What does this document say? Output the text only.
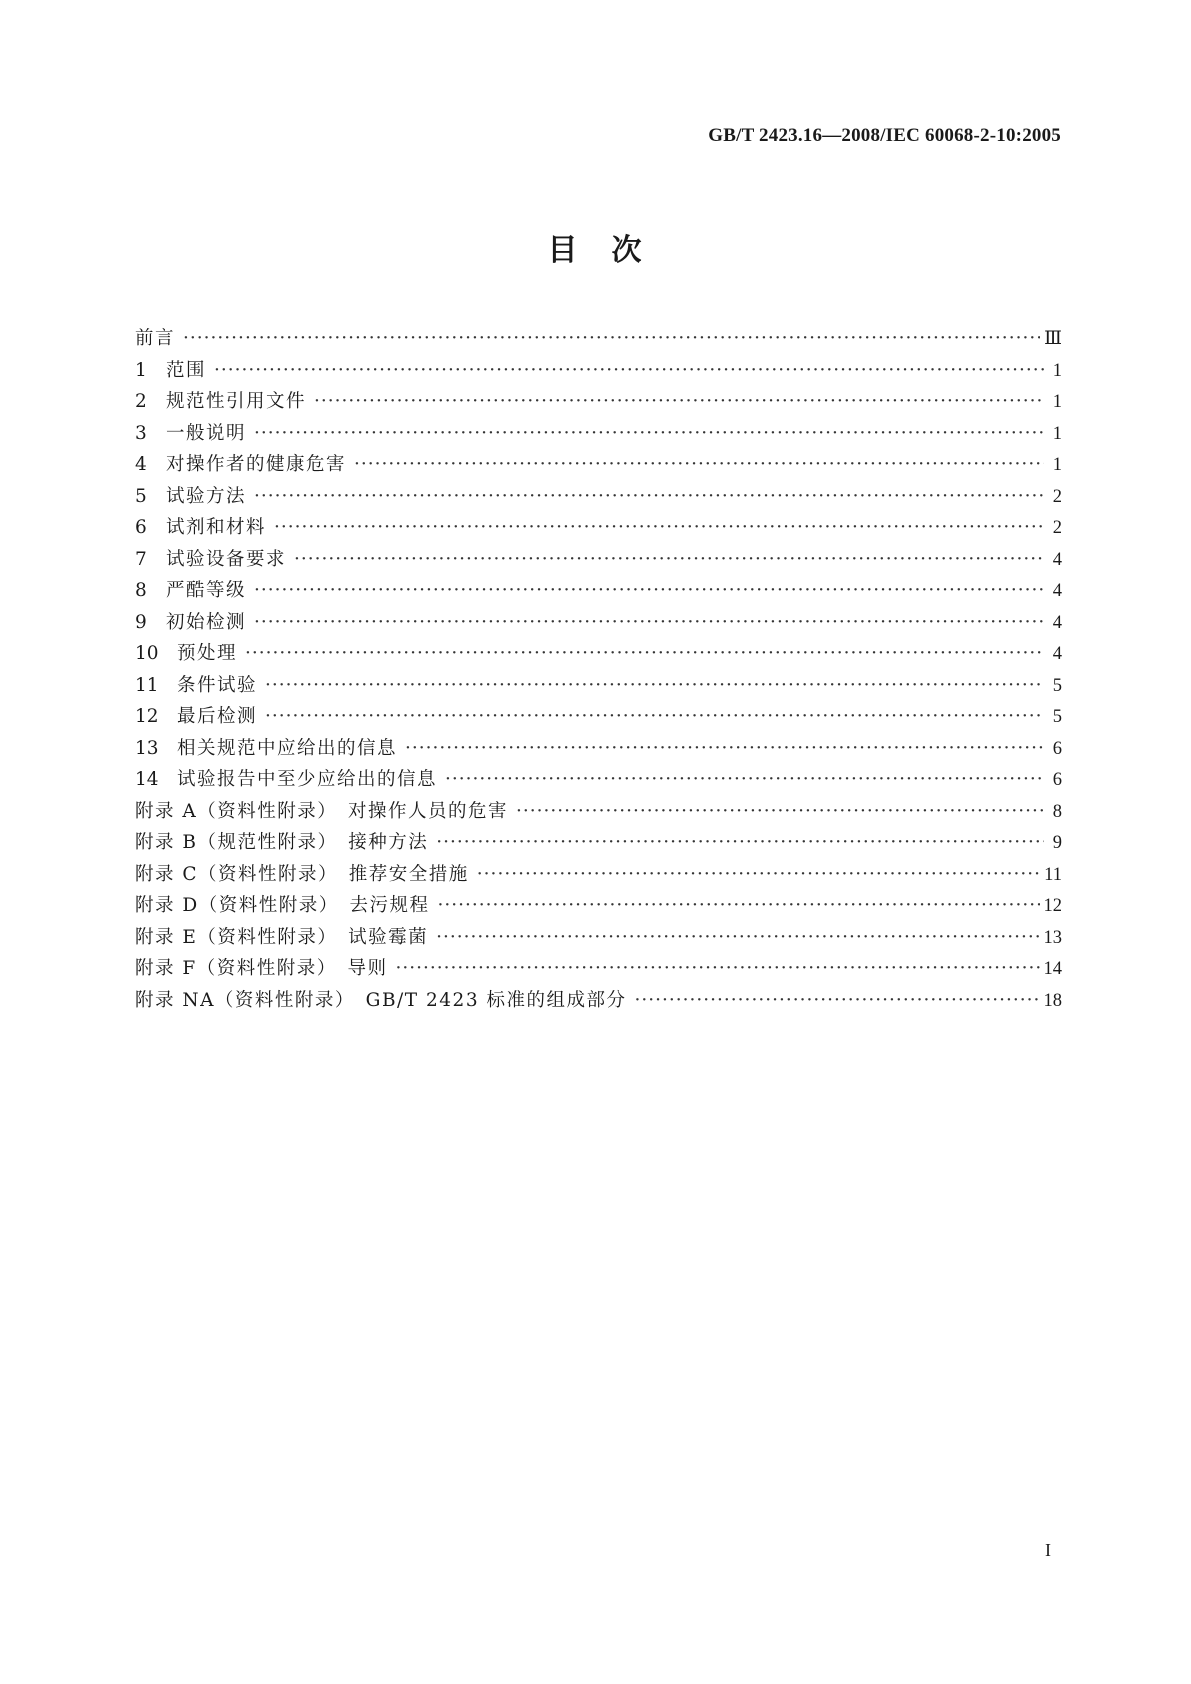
GB/T 2423.16—2008/IEC 60068-2-10:2005
目　次
前言 ·····	Ⅲ
1	范围 ·····	1
2	规范性引用文件 ·····	1
3	一般说明 ·····	1
4	对操作者的健康危害 ·····	1
5	试验方法 ·····	2
6	试剂和材料 ·····	2
7	试验设备要求 ·····	4
8	严酷等级 ·····	4
9	初始检测 ·····	4
10 预处理 ·····	4
11 条件试验 ·····	5
12 最后检测 ·····	5
13 相关规范中应给出的信息 ·····	6
14 试验报告中至少应给出的信息 ·····	6
附录 A（资料性附录）　对操作人员的危害 ·····	8
附录 B（规范性附录）　接种方法 ·····	9
附录 C（资料性附录）　推荐安全措施 ·····	11
附录 D（资料性附录）　去污规程 ·····	12
附录 E（资料性附录）　试验霉菌 ·····	13
附录 F（资料性附录）　导则 ·····	14
附录 NA（资料性附录）　GB/T 2423 标准的组成部分 ·····	18
I
